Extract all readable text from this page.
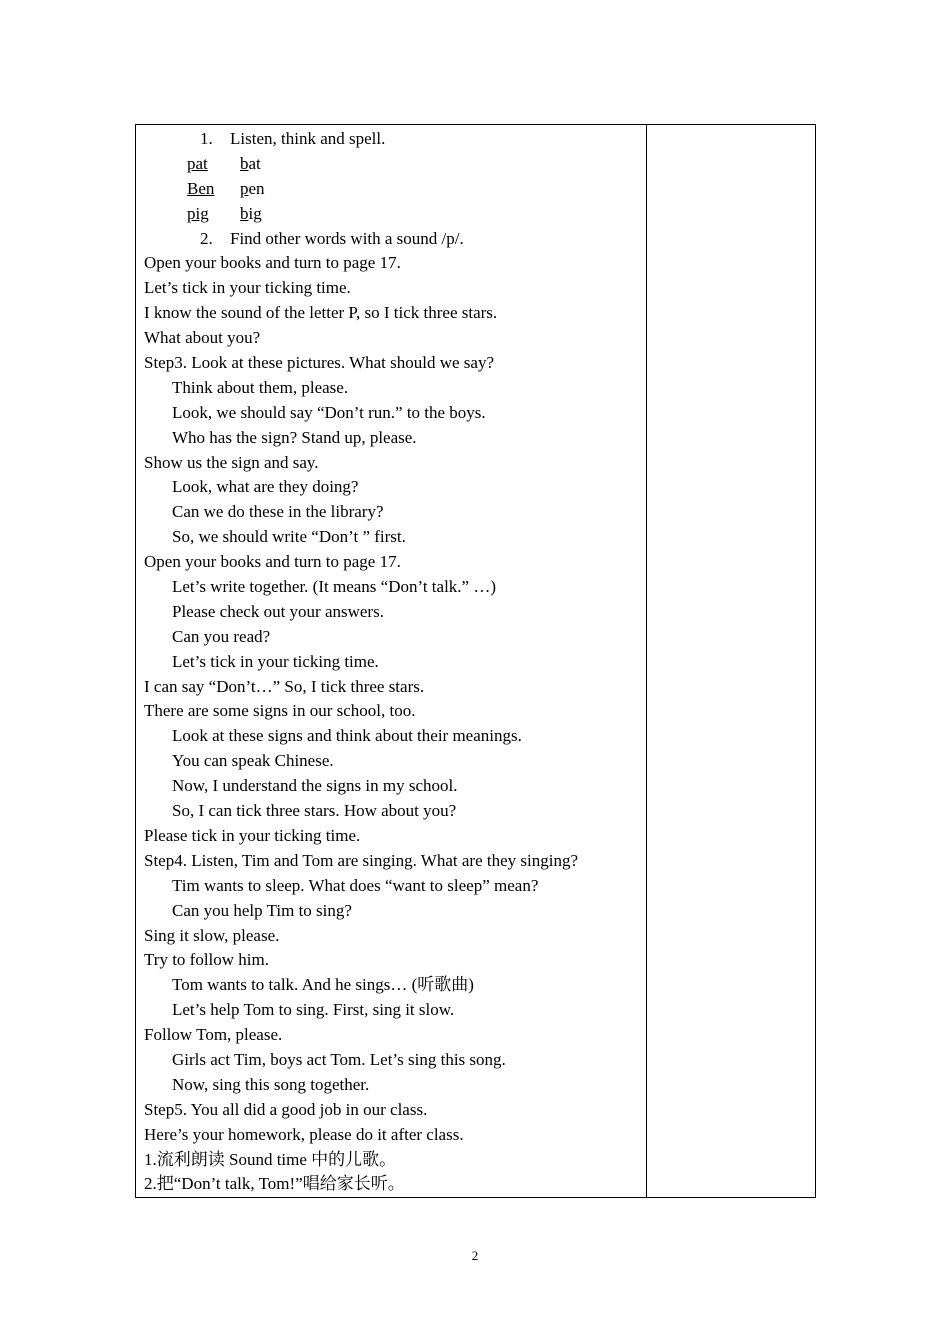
1. Listen, think and spell.
pat bat
Ben pen
pig big
2. Find other words with a sound /p/.
Open your books and turn to page 17.
Let’s tick in your ticking time.
I know the sound of the letter P, so I tick three stars.
What about you?
Step3. Look at these pictures. What should we say?
Think about them, please.
Look, we should say “Don’t run.” to the boys.
Who has the sign? Stand up, please.
Show us the sign and say.
Look, what are they doing?
Can we do these in the library?
So, we should write “Don’t ” first.
Open your books and turn to page 17.
Let’s write together. (It means “Don’t talk.” …)
Please check out your answers.
Can you read?
Let’s tick in your ticking time.
I can say “Don’t…” So, I tick three stars.
There are some signs in our school, too.
Look at these signs and think about their meanings.
You can speak Chinese.
Now, I understand the signs in my school.
So, I can tick three stars. How about you?
Please tick in your ticking time.
Step4. Listen, Tim and Tom are singing. What are they singing?
Tim wants to sleep. What does “want to sleep” mean?
Can you help Tim to sing?
Sing it slow, please.
Try to follow him.
Tom wants to talk. And he sings… (听歌曲)
Let’s help Tom to sing. First, sing it slow.
Follow Tom, please.
Girls act Tim, boys act Tom. Let’s sing this song.
Now, sing this song together.
Step5. You all did a good job in our class.
Here’s your homework, please do it after class.
1.流利朗读 Sound time 中的儿歌。
2.把“Don’t talk, Tom!”唱给家长听。

2
